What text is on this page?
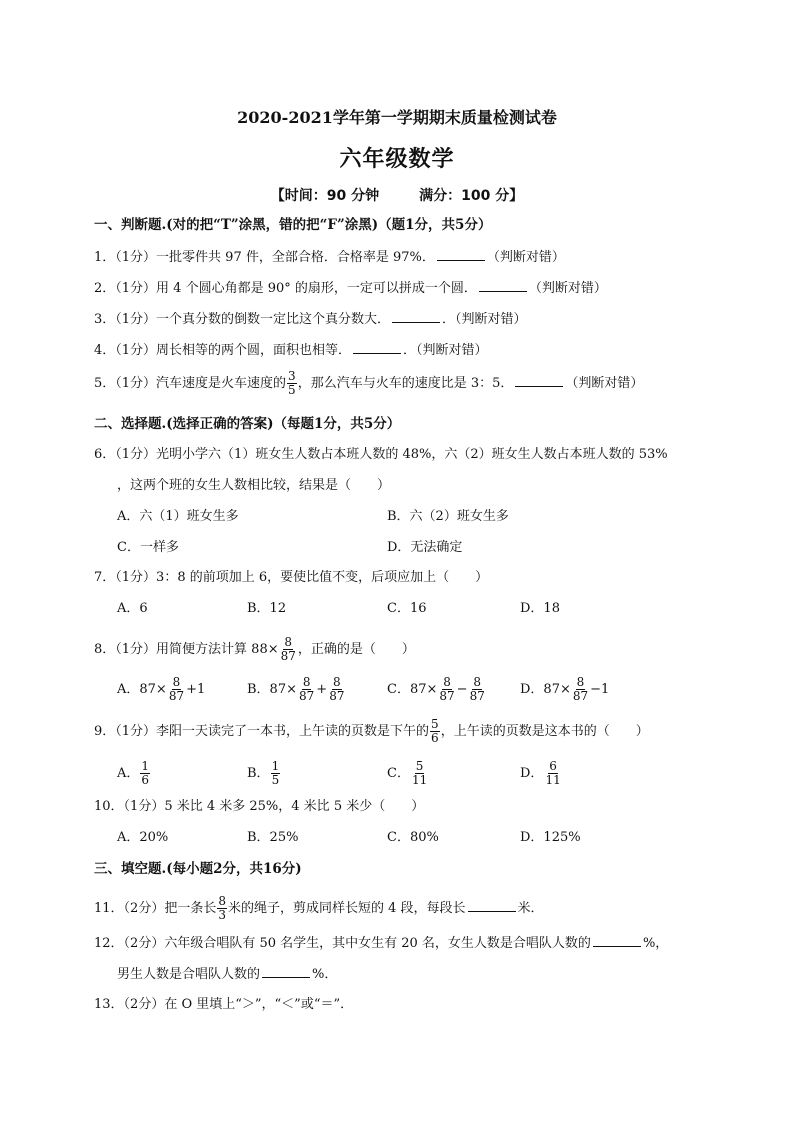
2020-2021学年第一学期期末质量检测试卷
六年级数学
【时间：90 分钟	满分：100 分】
一、判断题.(对的把“T”涂黑，错的把“F”涂黑)（题1分，共5分）
1．（1分）一批零件共 97 件，全部合格．合格率是 97%．	（判断对错）
2．（1分）用 4 个圆心角都是 90° 的扇形，一定可以拼成一个圆．	（判断对错）
3．（1分）一个真分数的倒数一定比这个真分数大．	．（判断对错）
4．（1分）周长相等的两个圆，面积也相等．	．（判断对错）
5．（1分）汽车速度是火车速度的 $\frac{3}{5}$ ，那么汽车与火车的速度比是 3：5．	（判断对错）
二、选择题.(选择正确的答案)（每题1分，共5分）
6．（1分）光明小学六（1）班女生人数占本班人数的 48%，六（2）班女生人数占本班人数的 53%
，这两个班的女生人数相比较，结果是（　　）
A．六（1）班女生多	B．六（2）班女生多
C．一样多	D．无法确定
7．（1分）3：8 的前项加上 6，要使比值不变，后项应加上（　　）
A．6	B．12	C．16	D．18
8．（1分）用简便方法计算 $88\times \frac{8}{87}$ ，正确的是（　　）
A．$87\times \frac{8}{87} +1$	B．$87\times \frac{8}{87} + \frac{8}{87}$	C．$87\times \frac{8}{87} - \frac{8}{87}$	D．$87\times \frac{8}{87} -1$
9．（1分）李阳一天读完了一本书，上午读的页数是下午的 $\frac{5}{6}$ ，上午读的页数是这本书的（　　）
A． $\frac{1}{6}$	B． $\frac{1}{5}$	C． $\frac{5}{11}$	D． $\frac{6}{11}$
10．（1分）5 米比 4 米多 25%，4 米比 5 米少（　　）
A．20%	B．25%	C．80%	D．125%
三、填空题.(每小题2分，共16分)
11．（2分）把一条长 $\frac{8}{3}$ 米的绳子，剪成同样长短的 4 段，每段长	米．
12．（2分）六年级合唱队有 50 名学生，其中女生有 20 名，女生人数是合唱队人数的	%，
男生人数是合唱队人数的	%．
13．（2分）在 O 里填上“＞”，“＜”或“＝”．
